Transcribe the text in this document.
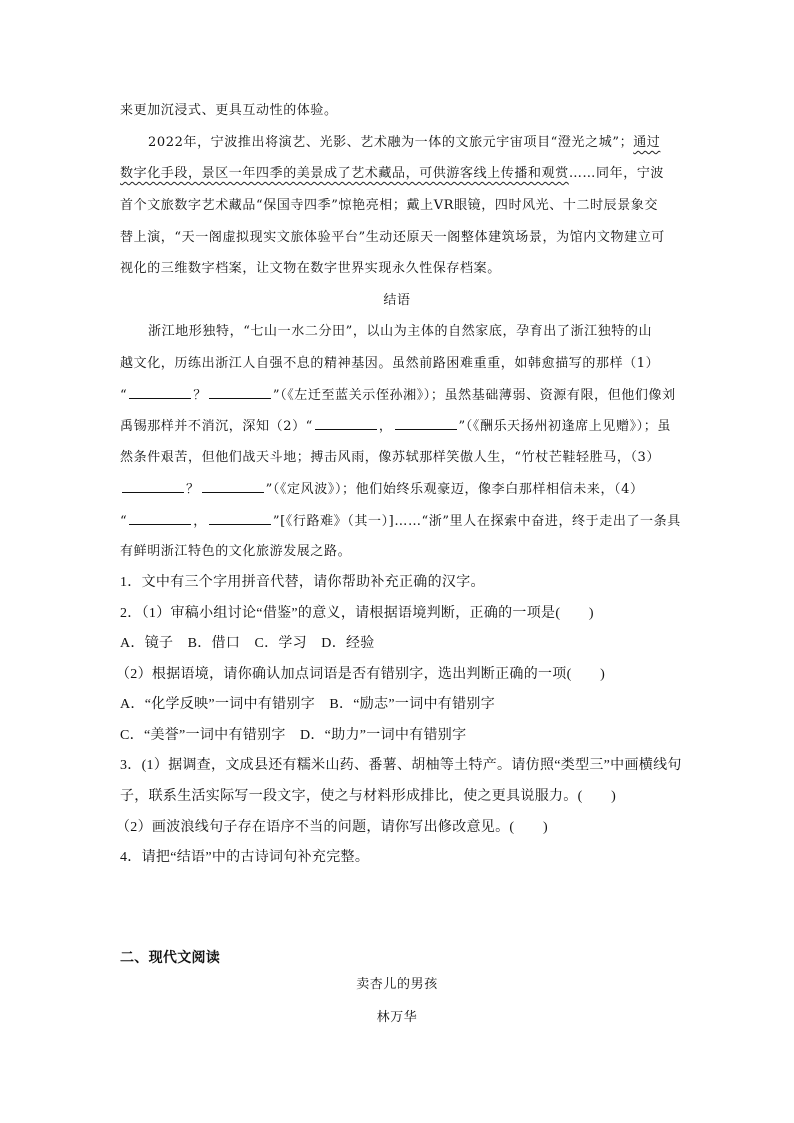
来更加沉浸式、更具互动性的体验。
2022年，宁波推出将演艺、光影、艺术融为一体的文旅元宇宙项目“澄光之城”；通过
数字化手段，景区一年四季的美景成了艺术藏品，可供游客线上传播和观赏……同年，宁波
首个文旅数字艺术藏品“保国寺四季”惊艳亮相；戴上VR眼镜，四时风光、十二时辰景象交
替上演，“天一阁虚拟现实文旅体验平台”生动还原天一阁整体建筑场景，为馆内文物建立可
视化的三维数字档案，让文物在数字世界实现永久性保存档案。
结语
浙江地形独特，“七山一水二分田”，以山为主体的自然家底，孕育出了浙江独特的山
越文化，历练出浙江人自强不息的精神基因。虽然前路困难重重，如韩愈描写的那样（1）
“	？	”（《左迁至蓝关示侄孙湘》）；虽然基础薄弱、资源有限，但他们像刘
禹锡那样并不消沉，深知（2）“	，	”（《酬乐天扬州初逢席上见赠》）；虽
然条件艰苦，但他们战天斗地；搏击风雨，像苏轼那样笑傲人生，“竹杖芒鞋轻胜马，（3）
？	”（《定风波》）；他们始终乐观豪迈，像李白那样相信未来，（4）
“	，	”[《行路难》（其一）]……“浙”里人在探索中奋进，终于走出了一条具
有鲜明浙江特色的文化旅游发展之路。
1．文中有三个字用拼音代替，请你帮助补充正确的汉字。
2．（1）审稿小组讨论“借鉴”的意义，请根据语境判断，正确的一项是(　　)
A．镜子　B．借口　C．学习　D．经验
（2）根据语境，请你确认加点词语是否有错别字，选出判断正确的一项(　　)
A．“化学反映”一词中有错别字　B．“励志”一词中有错别字
C．“美誉”一词中有错别字　D．“助力”一词中有错别字
3．(1）据调查，文成县还有糯米山药、番薯、胡柚等土特产。请仿照“类型三”中画横线句
子，联系生活实际写一段文字，使之与材料形成排比，使之更具说服力。(　　)
（2）画波浪线句子存在语序不当的问题，请你写出修改意见。(　　)
4．请把“结语”中的古诗词句补充完整。
二、现代文阅读
卖杏儿的男孩
林万华
